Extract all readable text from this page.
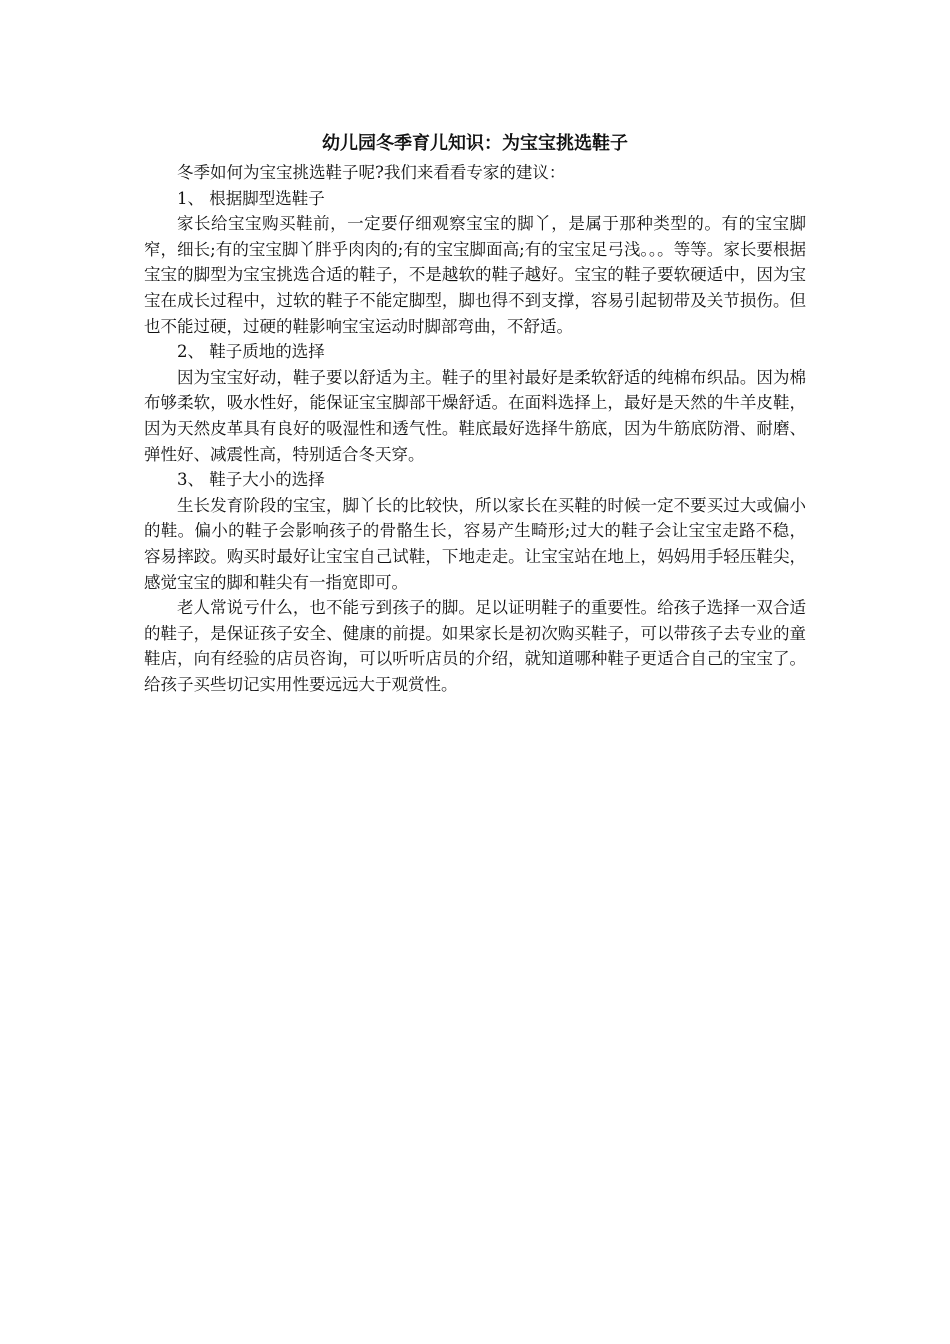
幼儿园冬季育儿知识：为宝宝挑选鞋子

冬季如何为宝宝挑选鞋子呢?我们来看看专家的建议：

1、 根据脚型选鞋子

家长给宝宝购买鞋前，一定要仔细观察宝宝的脚丫，是属于那种类型的。有的宝宝脚窄，细长;有的宝宝脚丫胖乎肉肉的;有的宝宝脚面高;有的宝宝足弓浅。。。等等。家长要根据宝宝的脚型为宝宝挑选合适的鞋子，不是越软的鞋子越好。宝宝的鞋子要软硬适中，因为宝宝在成长过程中，过软的鞋子不能定脚型，脚也得不到支撑，容易引起韧带及关节损伤。但也不能过硬，过硬的鞋影响宝宝运动时脚部弯曲，不舒适。

2、 鞋子质地的选择

因为宝宝好动，鞋子要以舒适为主。鞋子的里衬最好是柔软舒适的纯棉布织品。因为棉布够柔软，吸水性好，能保证宝宝脚部干燥舒适。在面料选择上，最好是天然的牛羊皮鞋，因为天然皮革具有良好的吸湿性和透气性。鞋底最好选择牛筋底，因为牛筋底防滑、耐磨、弹性好、减震性高，特别适合冬天穿。

3、 鞋子大小的选择

生长发育阶段的宝宝，脚丫长的比较快，所以家长在买鞋的时候一定不要买过大或偏小的鞋。偏小的鞋子会影响孩子的骨骼生长，容易产生畸形;过大的鞋子会让宝宝走路不稳，容易摔跤。购买时最好让宝宝自己试鞋，下地走走。让宝宝站在地上，妈妈用手轻压鞋尖，感觉宝宝的脚和鞋尖有一指宽即可。

老人常说亏什么，也不能亏到孩子的脚。足以证明鞋子的重要性。给孩子选择一双合适的鞋子，是保证孩子安全、健康的前提。如果家长是初次购买鞋子，可以带孩子去专业的童鞋店，向有经验的店员咨询，可以听听店员的介绍，就知道哪种鞋子更适合自己的宝宝了。给孩子买些切记实用性要远远大于观赏性。
